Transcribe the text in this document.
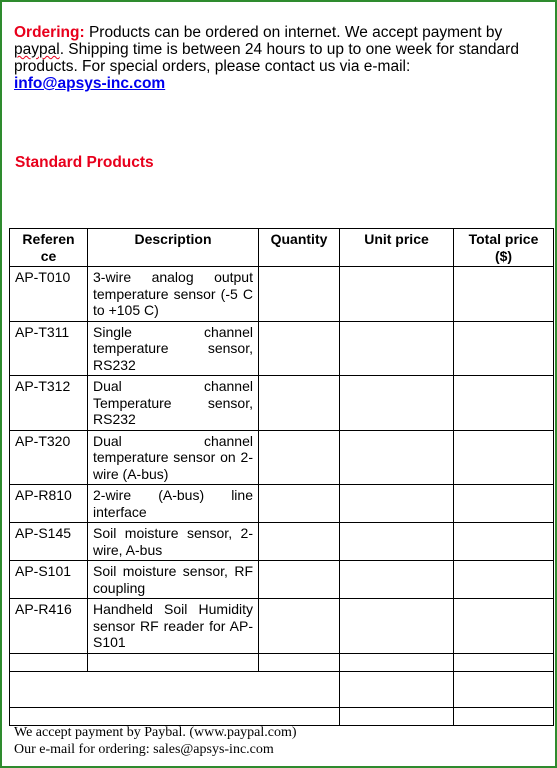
Ordering: Products can be ordered on internet. We accept payment by paypal. Shipping time is between 24 hours to up to one week for standard products. For special orders, please contact us via e-mail:
info@apsys-inc.com
Standard Products
Referen ce	Description	Quantity	Unit price	Total price ($)
AP-T010	3-wire analog output temperature sensor (-5 C to +105 C)			
AP-T311	Single channel temperature sensor, RS232			
AP-T312	Dual channel Temperature sensor, RS232			
AP-T320	Dual channel temperature sensor on 2-wire (A-bus)			
AP-R810	2-wire (A-bus) line interface			
AP-S145	Soil moisture sensor, 2-wire, A-bus			
AP-S101	Soil moisture sensor, RF coupling			
AP-R416	Handheld Soil Humidity sensor RF reader for AP-S101			

We accept payment by Paybal. (www.paypal.com)
Our e-mail for ordering: sales@apsys-inc.com
